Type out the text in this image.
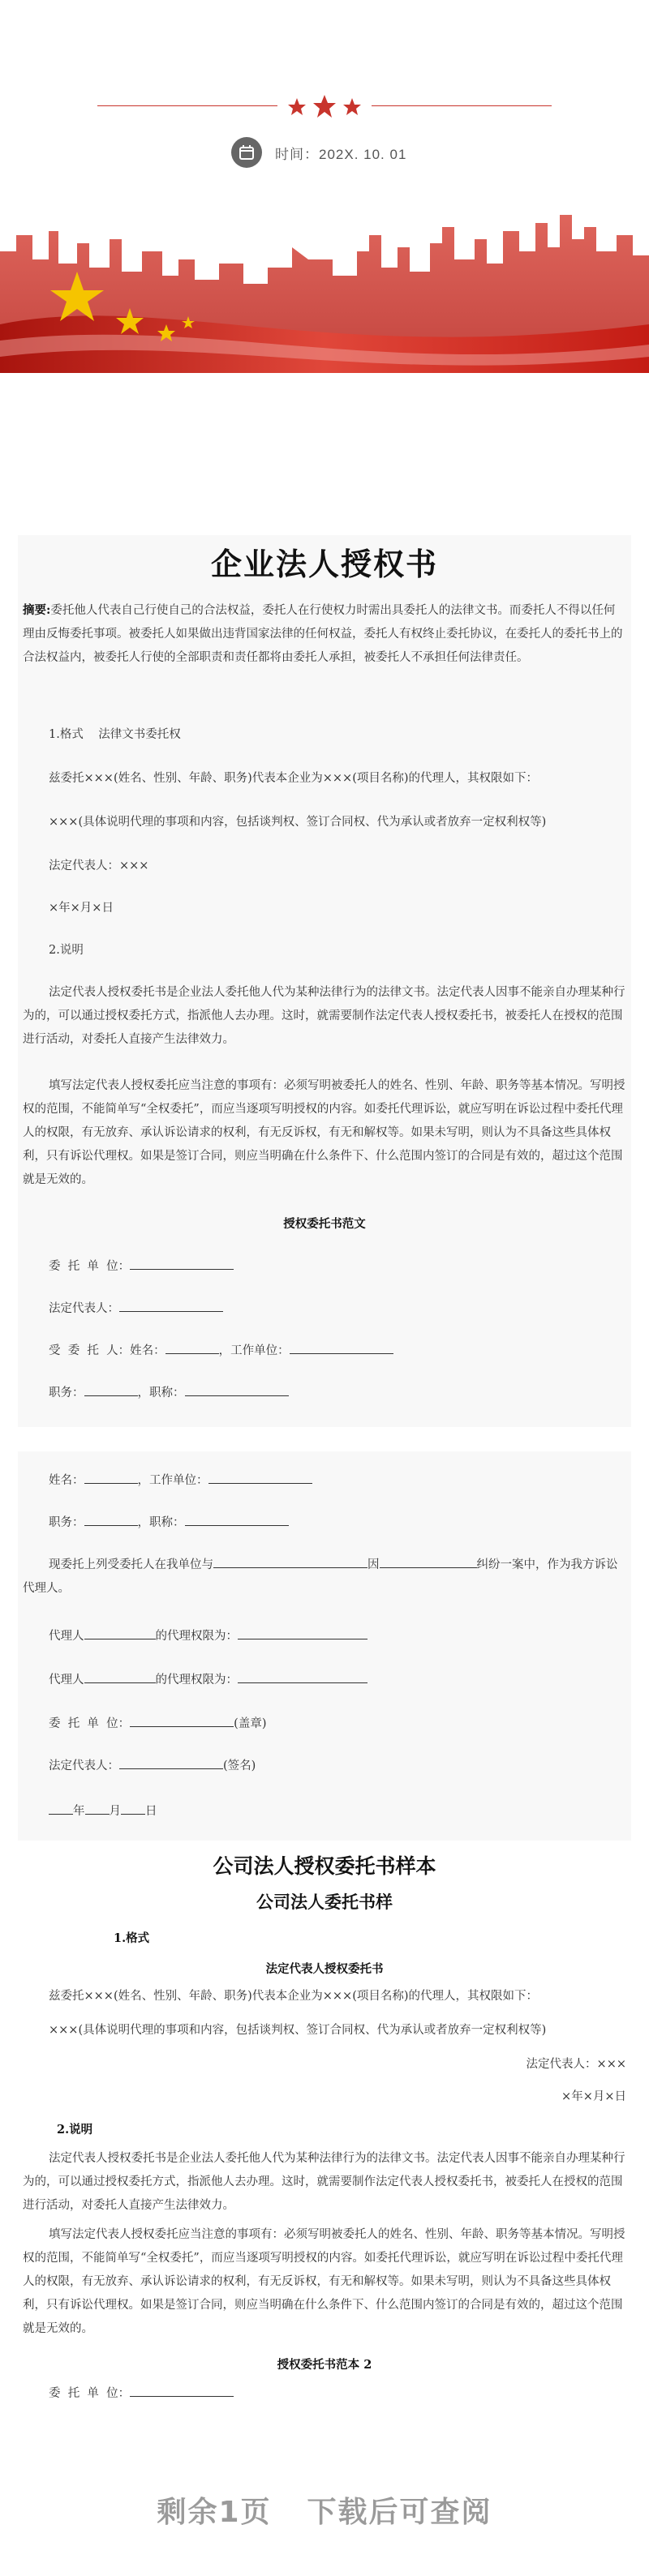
时间：202X. 10. 01
企业法人授权书
摘要:委托他人代表自己行使自己的合法权益，委托人在行使权力时需出具委托人的法律文书。而委托人不得以任何理由反悔委托事项。被委托人如果做出违背国家法律的任何权益，委托人有权终止委托协议，在委托人的委托书上的合法权益内，被委托人行使的全部职责和责任都将由委托人承担，被委托人不承担任何法律责任。
1.格式    法律文书委托权
兹委托×××(姓名、性别、年龄、职务)代表本企业为×××(项目名称)的代理人，其权限如下：
×××(具体说明代理的事项和内容，包括谈判权、签订合同权、代为承认或者放弃一定权利权等)
法定代表人：×××
×年×月×日
2.说明
法定代表人授权委托书是企业法人委托他人代为某种法律行为的法律文书。法定代表人因事不能亲自办理某种行为的，可以通过授权委托方式，指派他人去办理。这时，就需要制作法定代表人授权委托书，被委托人在授权的范围进行活动，对委托人直接产生法律效力。
填写法定代表人授权委托应当注意的事项有：必须写明被委托人的姓名、性别、年龄、职务等基本情况。写明授权的范围，不能简单写“全权委托”，而应当逐项写明授权的内容。如委托代理诉讼，就应写明在诉讼过程中委托代理人的权限，有无放弃、承认诉讼请求的权利，有无反诉权，有无和解权等。如果未写明，则认为不具备这些具体权利，只有诉讼代理权。如果是签订合同，则应当明确在什么条件下、什么范围内签订的合同是有效的，超过这个范围就是无效的。
授权委托书范文
委  托  单  位：
法定代表人：
受  委  托  人：姓名：	，工作单位：
职务：	，职称：
姓名：	，工作单位：
职务：	，职称：
现委托上列受委托人在我单位与	因	纠纷一案中，作为我方诉讼代理人。
代理人	的代理权限为：
代理人	的代理权限为：
委  托  单  位：	(盖章)
法定代表人：	(签名)
年 月 日
公司法人授权委托书样本
公司法人委托书样
1.格式
法定代表人授权委托书
兹委托×××(姓名、性别、年龄、职务)代表本企业为×××(项目名称)的代理人，其权限如下：
×××(具体说明代理的事项和内容，包括谈判权、签订合同权、代为承认或者放弃一定权利权等)
法定代表人：×××
×年×月×日
2.说明
法定代表人授权委托书是企业法人委托他人代为某种法律行为的法律文书。法定代表人因事不能亲自办理某种行为的，可以通过授权委托方式，指派他人去办理。这时，就需要制作法定代表人授权委托书，被委托人在授权的范围进行活动，对委托人直接产生法律效力。
填写法定代表人授权委托应当注意的事项有：必须写明被委托人的姓名、性别、年龄、职务等基本情况。写明授权的范围，不能简单写“全权委托”，而应当逐项写明授权的内容。如委托代理诉讼，就应写明在诉讼过程中委托代理人的权限，有无放弃、承认诉讼请求的权利，有无反诉权，有无和解权等。如果未写明，则认为不具备这些具体权利，只有诉讼代理权。如果是签订合同，则应当明确在什么条件下、什么范围内签订的合同是有效的，超过这个范围就是无效的。
授权委托书范本 2
委  托  单  位：
剩余1页 下载后可查阅
